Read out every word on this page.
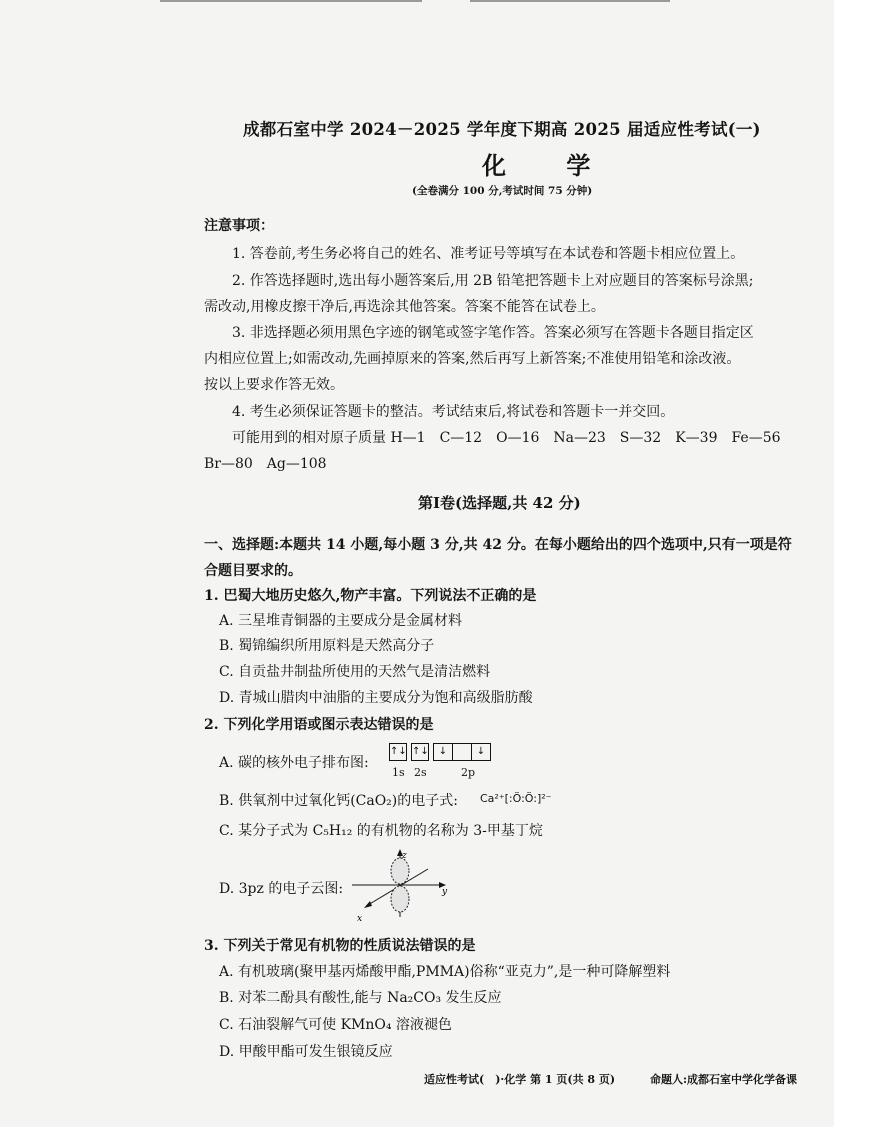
成都石室中学 2024－2025 学年度下期高 2025 届适应性考试(一)
化 学
(全卷满分 100 分,考试时间 75 分钟)
注意事项：
1. 答卷前,考生务必将自己的姓名、准考证号等填写在本试卷和答题卡相应位置上。
2. 作答选择题时,选出每小题答案后,用 2B 铅笔把答题卡上对应题目的答案标号涂黑;
需改动,用橡皮擦干净后,再选涂其他答案。答案不能答在试卷上。
3. 非选择题必须用黑色字迹的钢笔或签字笔作答。答案必须写在答题卡各题目指定区
内相应位置上;如需改动,先画掉原来的答案,然后再写上新答案;不准使用铅笔和涂改液。
按以上要求作答无效。
4. 考生必须保证答题卡的整洁。考试结束后,将试卷和答题卡一并交回。
可能用到的相对原子质量 H—1　C—12　O—16　Na—23　S—32　K—39　Fe—56
Br—80　Ag—108
第Ⅰ卷(选择题,共 42 分)
一、选择题:本题共 14 小题,每小题 3 分,共 42 分。在每小题给出的四个选项中,只有一项是符
合题目要求的。
1. 巴蜀大地历史悠久,物产丰富。下列说法不正确的是
A. 三星堆青铜器的主要成分是金属材料
B. 蜀锦编织所用原料是天然高分子
C. 自贡盐井制盐所使用的天然气是清洁燃料
D. 青城山腊肉中油脂的主要成分为饱和高级脂肪酸
2. 下列化学用语或图示表达错误的是
A. 碳的核外电子排布图:
↑↓ ↑↓	↓	↓
1s 2s	2p
B. 供氧剂中过氧化钙(CaO₂)的电子式: Ca²⁺[:Ö:Ö:]²⁻
C. 某分子式为 C₅H₁₂ 的有机物的名称为 3-甲基丁烷
D. 3pz 的电子云图:
z
y
x
3. 下列关于常见有机物的性质说法错误的是
A. 有机玻璃(聚甲基丙烯酸甲酯,PMMA)俗称“亚克力”,是一种可降解塑料
B. 对苯二酚具有酸性,能与 Na₂CO₃ 发生反应
C. 石油裂解气可使 KMnO₄ 溶液褪色
D. 甲酸甲酯可发生银镜反应
适应性考试(　)·化学 第 1 页(共 8 页)	命题人:成都石室中学化学备课
